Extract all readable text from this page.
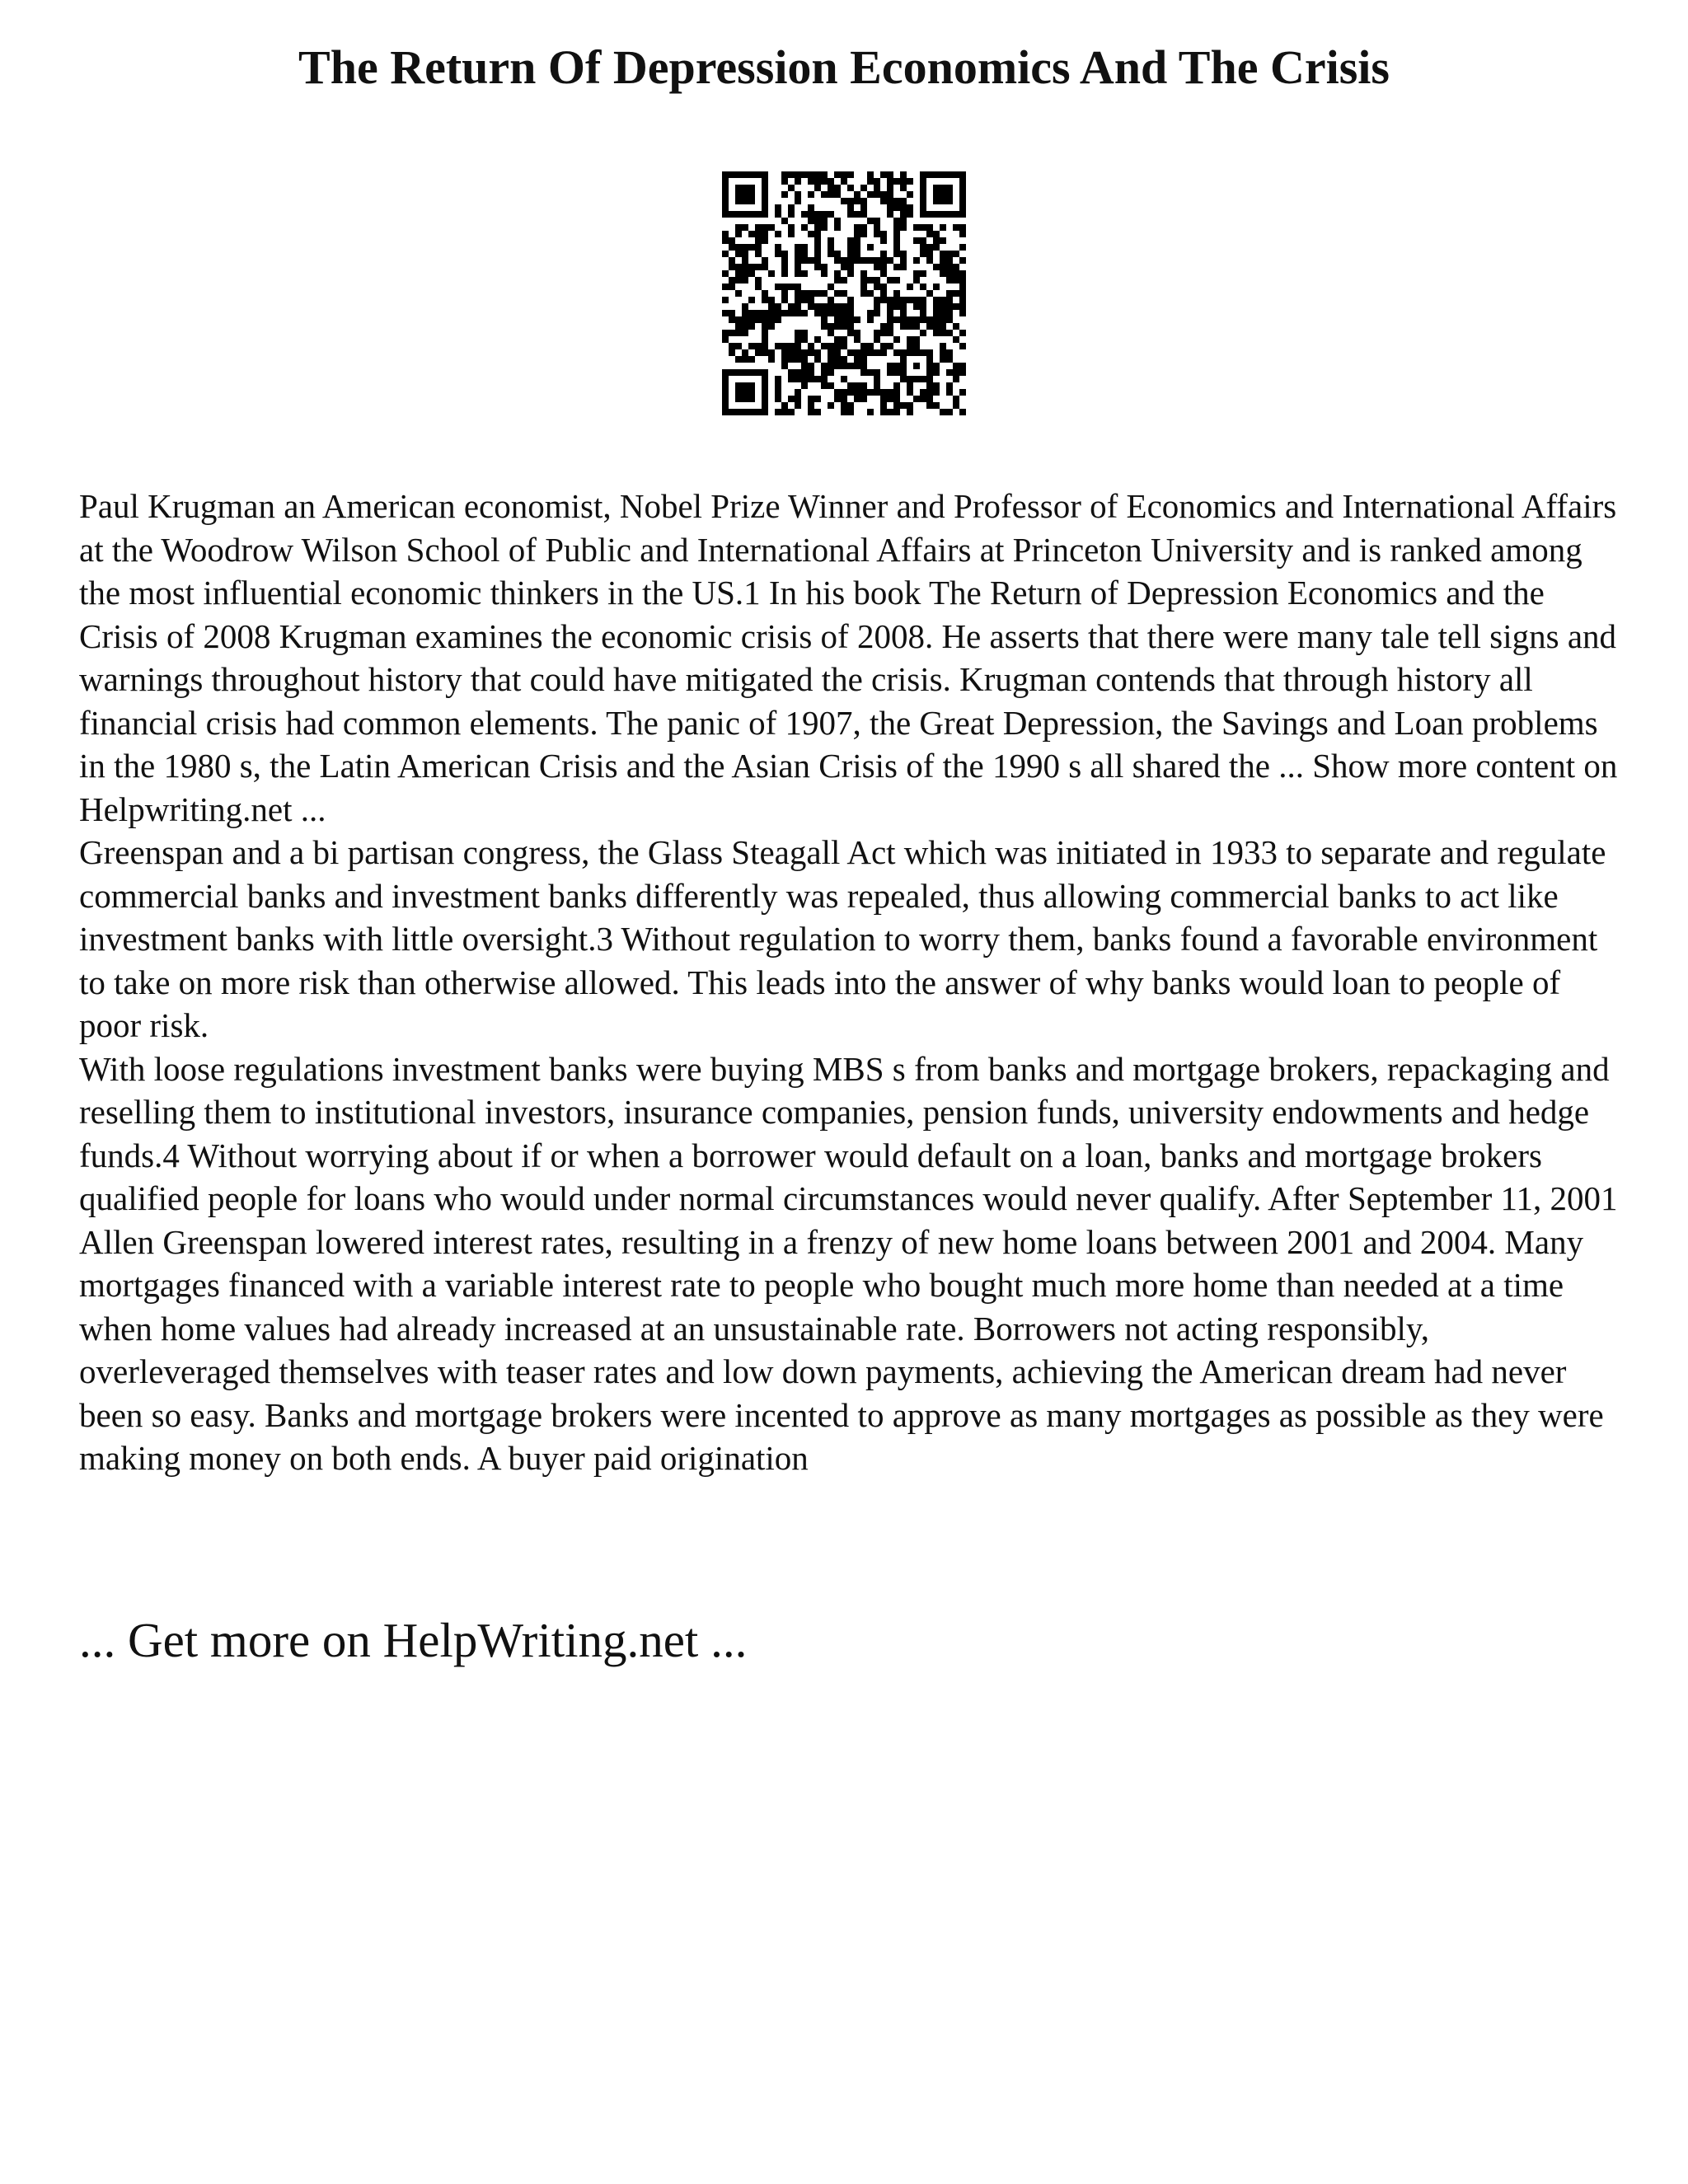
The Return Of Depression Economics And The Crisis

Paul Krugman an American economist, Nobel Prize Winner and Professor of Economics and International Affairs at the Woodrow Wilson School of Public and International Affairs at Princeton University and is ranked among the most influential economic thinkers in the US.1 In his book The Return of Depression Economics and the Crisis of 2008 Krugman examines the economic crisis of 2008. He asserts that there were many tale tell signs and warnings throughout history that could have mitigated the crisis. Krugman contends that through history all financial crisis had common elements. The panic of 1907, the Great Depression, the Savings and Loan problems in the 1980 s, the Latin American Crisis and the Asian Crisis of the 1990 s all shared the ... Show more content on Helpwriting.net ...

Greenspan and a bi partisan congress, the Glass Steagall Act which was initiated in 1933 to separate and regulate commercial banks and investment banks differently was repealed, thus allowing commercial banks to act like investment banks with little oversight.3 Without regulation to worry them, banks found a favorable environment to take on more risk than otherwise allowed. This leads into the answer of why banks would loan to people of poor risk.

With loose regulations investment banks were buying MBS s from banks and mortgage brokers, repackaging and reselling them to institutional investors, insurance companies, pension funds, university endowments and hedge funds.4 Without worrying about if or when a borrower would default on a loan, banks and mortgage brokers qualified people for loans who would under normal circumstances would never qualify. After September 11, 2001 Allen Greenspan lowered interest rates, resulting in a frenzy of new home loans between 2001 and 2004. Many mortgages financed with a variable interest rate to people who bought much more home than needed at a time when home values had already increased at an unsustainable rate. Borrowers not acting responsibly, overleveraged themselves with teaser rates and low down payments, achieving the American dream had never been so easy. Banks and mortgage brokers were incented to approve as many mortgages as possible as they were making money on both ends. A buyer paid origination

... Get more on HelpWriting.net ...
